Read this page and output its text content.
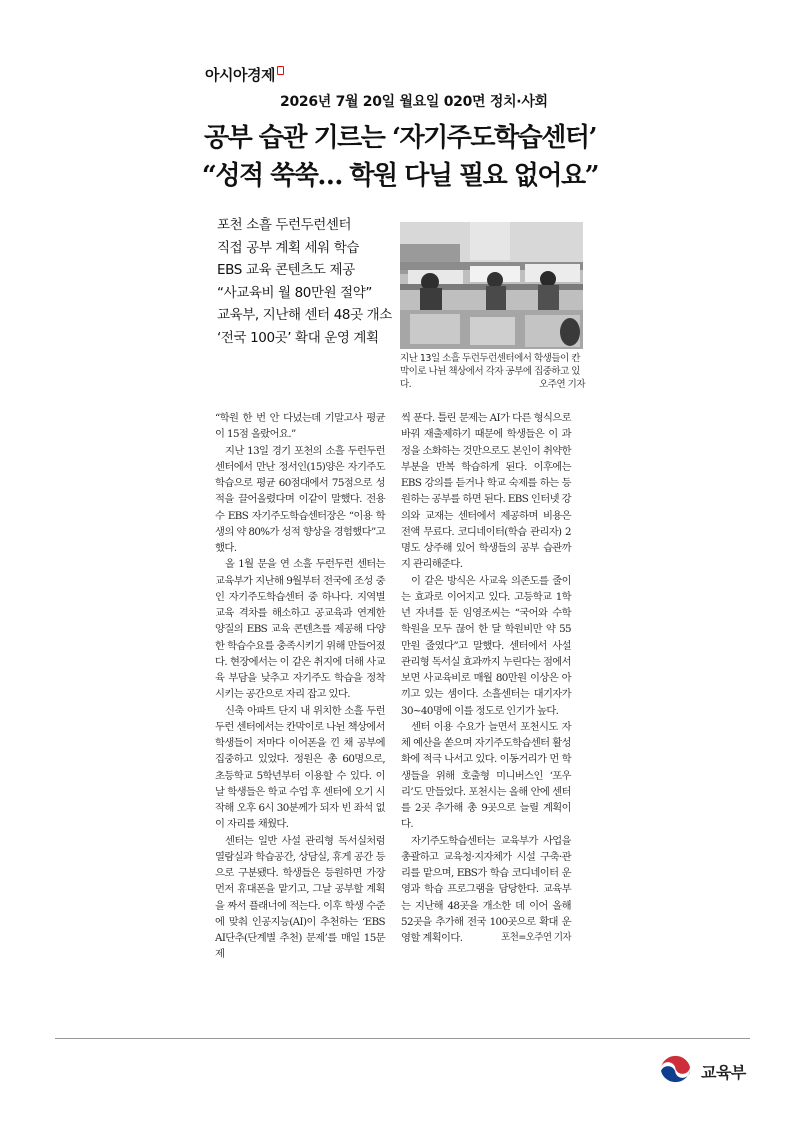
아시아경제
2026년 7월 20일 월요일 020면 정치·사회
공부 습관 기르는 ‘자기주도학습센터’
“성적 쑥쑥… 학원 다닐 필요 없어요”
포천 소흘 두런두런센터
직접 공부 계획 세워 학습
EBS 교육 콘텐츠도 제공
“사교육비 월 80만원 절약”
교육부, 지난해 센터 48곳 개소
‘전국 100곳’ 확대 운영 계획
지난 13일 소흘 두런두런센터에서 학생들이 칸막이로 나뉜 책상에서 각자 공부에 집중하고 있다.	오주연 기자

“학원 한 번 안 다녔는데 기말고사 평균이 15점 올랐어요.”

지난 13일 경기 포천의 소흘 두런두런센터에서 만난 정서인(15)양은 자기주도학습으로 평균 60점대에서 75점으로 성적을 끌어올렸다며 이같이 말했다. 전용수 EBS 자기주도학습센터장은 “이용 학생의 약 80%가 성적 향상을 경험했다”고 했다.

올 1월 문을 연 소흘 두런두런 센터는 교육부가 지난해 9월부터 전국에 조성 중인 자기주도학습센터 중 하나다. 지역별 교육 격차를 해소하고 공교육과 연계한 양질의 EBS 교육 콘텐츠를 제공해 다양한 학습수요를 충족시키기 위해 만들어졌다. 현장에서는 이 같은 취지에 더해 사교육 부담을 낮추고 자기주도 학습을 정착시키는 공간으로 자리 잡고 있다.

신축 아파트 단지 내 위치한 소흘 두런두런 센터에서는 칸막이로 나뉜 책상에서 학생들이 저마다 이어폰을 낀 채 공부에 집중하고 있었다. 정원은 총 60명으로, 초등학교 5학년부터 이용할 수 있다. 이날 학생들은 학교 수업 후 센터에 오기 시작해 오후 6시 30분께가 되자 빈 좌석 없이 자리를 채웠다.

센터는 일반 사설 관리형 독서실처럼 열람실과 학습공간, 상담실, 휴게 공간 등으로 구분됐다. 학생들은 등원하면 가장 먼저 휴대폰을 맡기고, 그날 공부할 계획을 짜서 플래너에 적는다. 이후 학생 수준에 맞춰 인공지능(AI)이 추천하는 ‘EBS AI단추(단계별 추천) 문제’를 매일 15문제

씩 푼다. 틀린 문제는 AI가 다른 형식으로 바꿔 재출제하기 때문에 학생들은 이 과정을 소화하는 것만으로도 본인이 취약한 부분을 반복 학습하게 된다. 이후에는 EBS 강의를 듣거나 학교 숙제를 하는 등 원하는 공부를 하면 된다. EBS 인터넷 강의와 교재는 센터에서 제공하며 비용은 전액 무료다. 코디네이터(학습 관리자) 2명도 상주해 있어 학생들의 공부 습관까지 관리해준다.

이 같은 방식은 사교육 의존도를 줄이는 효과로 이어지고 있다. 고등학교 1학년 자녀를 둔 임영조씨는 “국어와 수학 학원을 모두 끊어 한 달 학원비만 약 55만원 줄였다”고 말했다. 센터에서 사설 관리형 독서실 효과까지 누린다는 점에서 보면 사교육비로 매월 80만원 이상은 아끼고 있는 셈이다. 소흘센터는 대기자가 30~40명에 이를 정도로 인기가 높다.

센터 이용 수요가 늘면서 포천시도 자체 예산을 쏟으며 자기주도학습센터 활성화에 적극 나서고 있다. 이동거리가 먼 학생들을 위해 호출형 미니버스인 ‘포우리’도 만들었다. 포천시는 올해 안에 센터를 2곳 추가해 총 9곳으로 늘릴 계획이다.

자기주도학습센터는 교육부가 사업을 총괄하고 교육청·지자체가 시설 구축·관리를 맡으며, EBS가 학습 코디네이터 운영과 학습 프로그램을 담당한다. 교육부는 지난해 48곳을 개소한 데 이어 올해 52곳을 추가해 전국 100곳으로 확대 운영할 계획이다.	포천=오주연 기자
교육부
